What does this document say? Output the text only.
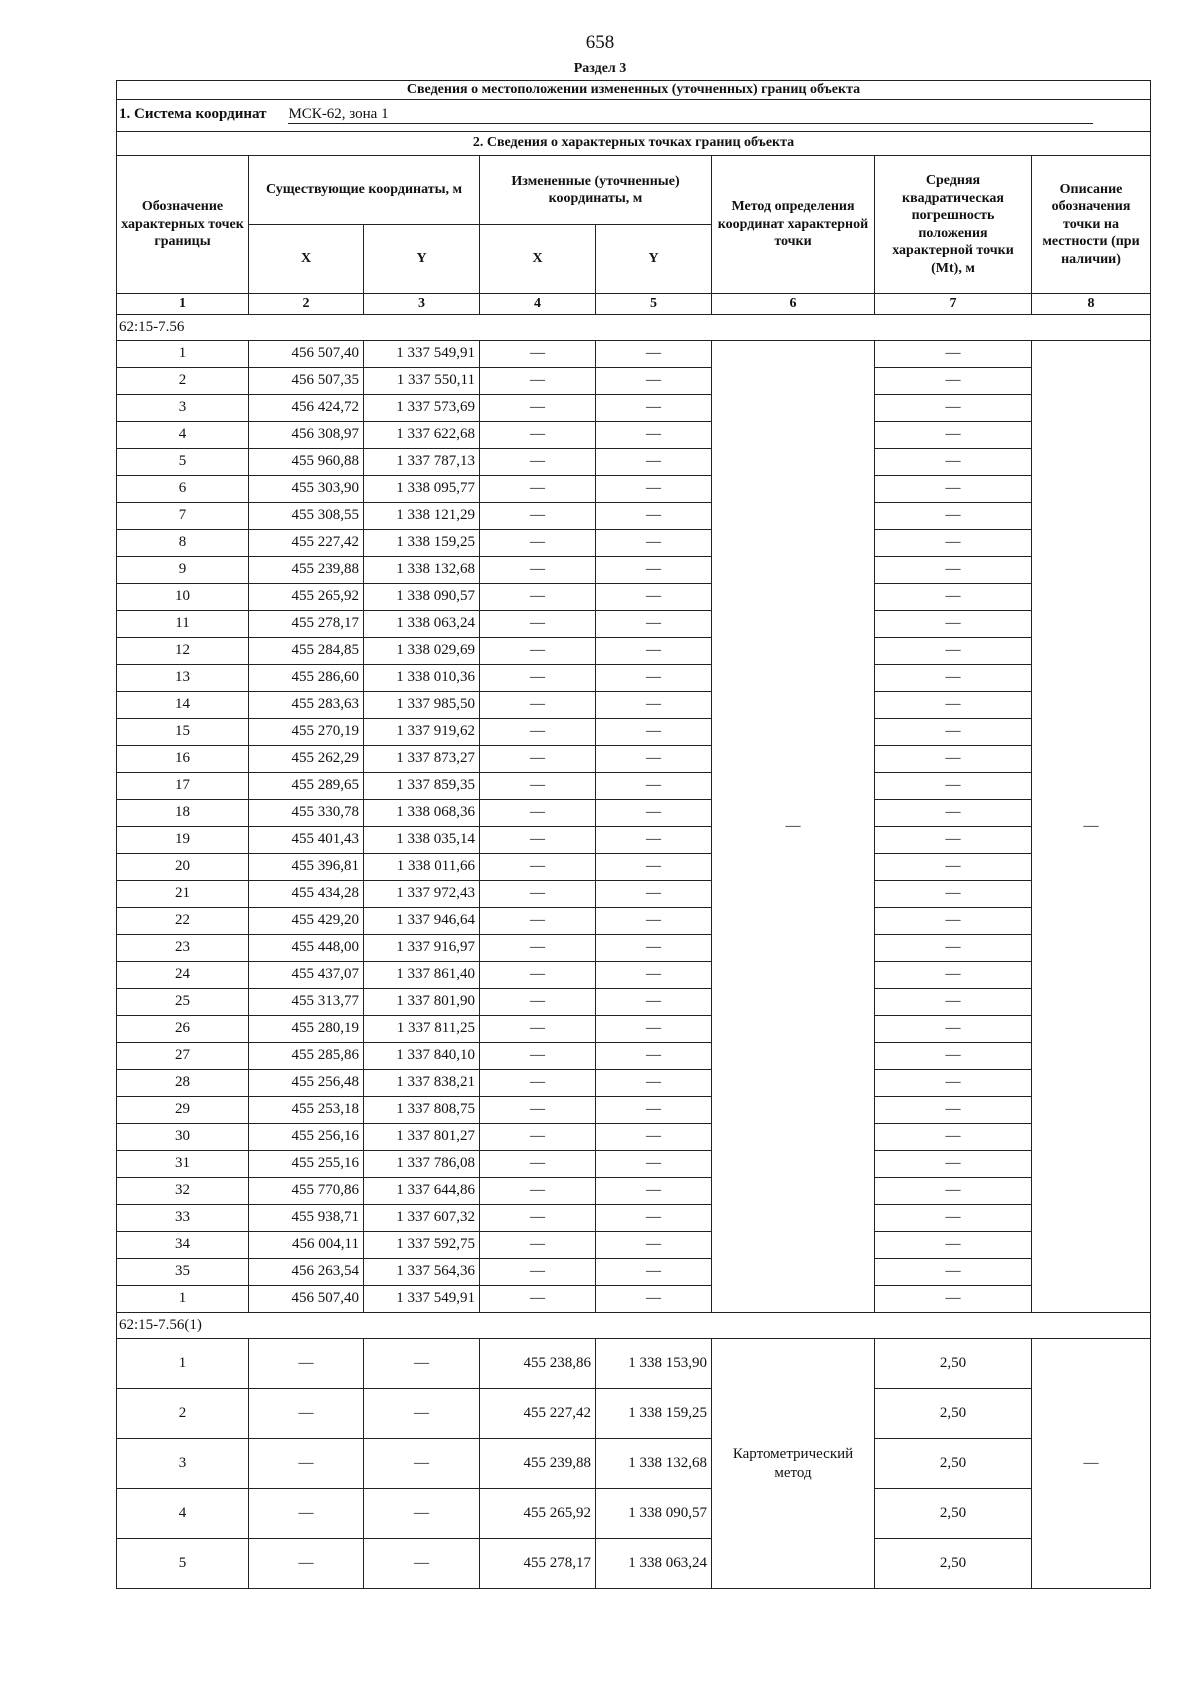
658
Раздел 3
Сведения о местоположении измененных (уточненных) границ объекта							
1. Система координат МСК-62, зона 1							
2. Сведения о характерных точках границ объекта							
Обозначение характерных точек границы	Существующие координаты, м		Измененные (уточненные) координаты, м		Метод определения координат характерной точки	Средняя квадратическая погрешность положения характерной точки (Mt), м	Описание обозначения точки на местности (при наличии)
	X	Y	X	Y			
1	2	3	4	5	6	7	8
62:15-7.56							
1	456 507,40	1 337 549,91	—	—	—	—	—
2	456 507,35	1 337 550,11	—	—		—	
3	456 424,72	1 337 573,69	—	—		—	
4	456 308,97	1 337 622,68	—	—		—	
5	455 960,88	1 337 787,13	—	—		—	
6	455 303,90	1 338 095,77	—	—		—	
7	455 308,55	1 338 121,29	—	—		—	
8	455 227,42	1 338 159,25	—	—		—	
9	455 239,88	1 338 132,68	—	—		—	
10	455 265,92	1 338 090,57	—	—		—	
11	455 278,17	1 338 063,24	—	—		—	
12	455 284,85	1 338 029,69	—	—		—	
13	455 286,60	1 338 010,36	—	—		—	
14	455 283,63	1 337 985,50	—	—		—	
15	455 270,19	1 337 919,62	—	—		—	
16	455 262,29	1 337 873,27	—	—		—	
17	455 289,65	1 337 859,35	—	—		—	
18	455 330,78	1 338 068,36	—	—		—	
19	455 401,43	1 338 035,14	—	—		—	
20	455 396,81	1 338 011,66	—	—		—	
21	455 434,28	1 337 972,43	—	—		—	
22	455 429,20	1 337 946,64	—	—		—	
23	455 448,00	1 337 916,97	—	—		—	
24	455 437,07	1 337 861,40	—	—		—	
25	455 313,77	1 337 801,90	—	—		—	
26	455 280,19	1 337 811,25	—	—		—	
27	455 285,86	1 337 840,10	—	—		—	
28	455 256,48	1 337 838,21	—	—		—	
29	455 253,18	1 337 808,75	—	—		—	
30	455 256,16	1 337 801,27	—	—		—	
31	455 255,16	1 337 786,08	—	—		—	
32	455 770,86	1 337 644,86	—	—		—	
33	455 938,71	1 337 607,32	—	—		—	
34	456 004,11	1 337 592,75	—	—		—	
35	456 263,54	1 337 564,36	—	—		—	
1	456 507,40	1 337 549,91	—	—		—	
62:15-7.56(1)							
1	—	—	455 238,86	1 338 153,90	Картометрический метод	2,50	—
2	—	—	455 227,42	1 338 159,25		2,50	
3	—	—	455 239,88	1 338 132,68		2,50	
4	—	—	455 265,92	1 338 090,57		2,50	
5	—	—	455 278,17	1 338 063,24		2,50	
